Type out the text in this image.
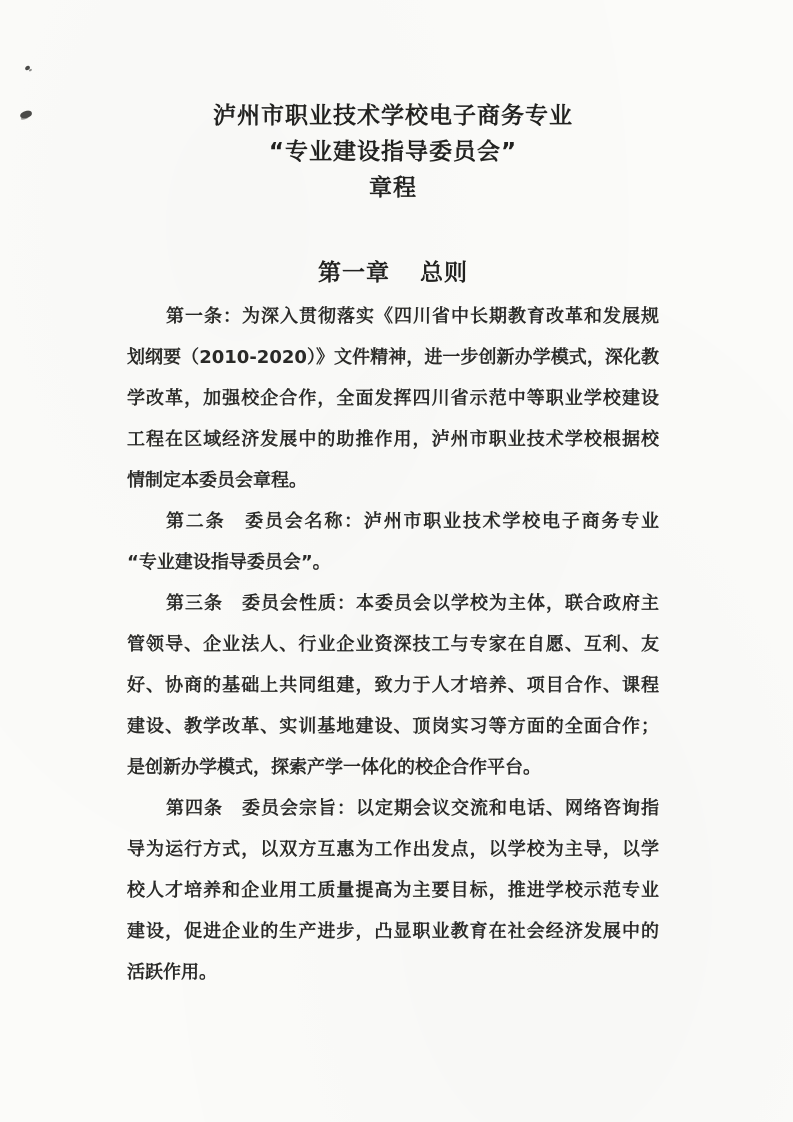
泸州市职业技术学校电子商务专业
“专业建设指导委员会”
章程
第一章 总则

第一条：为深入贯彻落实《四川省中长期教育改革和发展规
划纲要（2010-2020）》文件精神，进一步创新办学模式，深化教
学改革，加强校企合作，全面发挥四川省示范中等职业学校建设
工程在区域经济发展中的助推作用，泸州市职业技术学校根据校
情制定本委员会章程。

第二条　委员会名称：泸州市职业技术学校电子商务专业
“专业建设指导委员会”。

第三条　委员会性质：本委员会以学校为主体，联合政府主
管领导、企业法人、行业企业资深技工与专家在自愿、互利、友
好、协商的基础上共同组建，致力于人才培养、项目合作、课程
建设、教学改革、实训基地建设、顶岗实习等方面的全面合作；
是创新办学模式，探索产学一体化的校企合作平台。

第四条　委员会宗旨：以定期会议交流和电话、网络咨询指
导为运行方式，以双方互惠为工作出发点，以学校为主导，以学
校人才培养和企业用工质量提高为主要目标，推进学校示范专业
建设，促进企业的生产进步，凸显职业教育在社会经济发展中的
活跃作用。
